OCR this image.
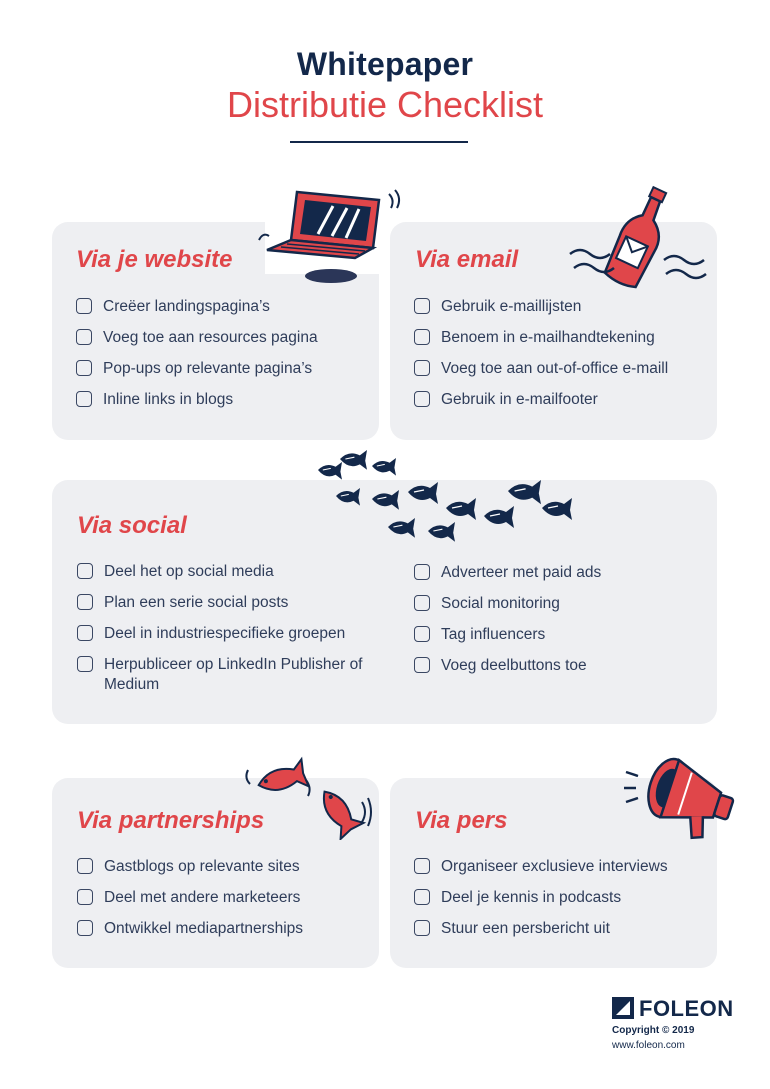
Whitepaper
Distributie Checklist
Via je website
Creëer landingspagina’s
Voeg toe aan resources pagina
Pop-ups op relevante pagina’s
Inline links in blogs
Via email
Gebruik e-maillijsten
Benoem in e-mailhandtekening
Voeg toe aan out-of-office e-maill
Gebruik in e-mailfooter
Via social
Deel het op social media
Plan een serie social posts
Deel in industriespecifieke groepen
Herpubliceer op LinkedIn Publisher of Medium
Adverteer met paid ads
Social monitoring
Tag influencers
Voeg deelbuttons toe
Via partnerships
Gastblogs op relevante sites
Deel met andere marketeers
Ontwikkel mediapartnerships
Via pers
Organiseer exclusieve interviews
Deel je kennis in podcasts
Stuur een persbericht uit
FOLEON
Copyright © 2019
www.foleon.com
